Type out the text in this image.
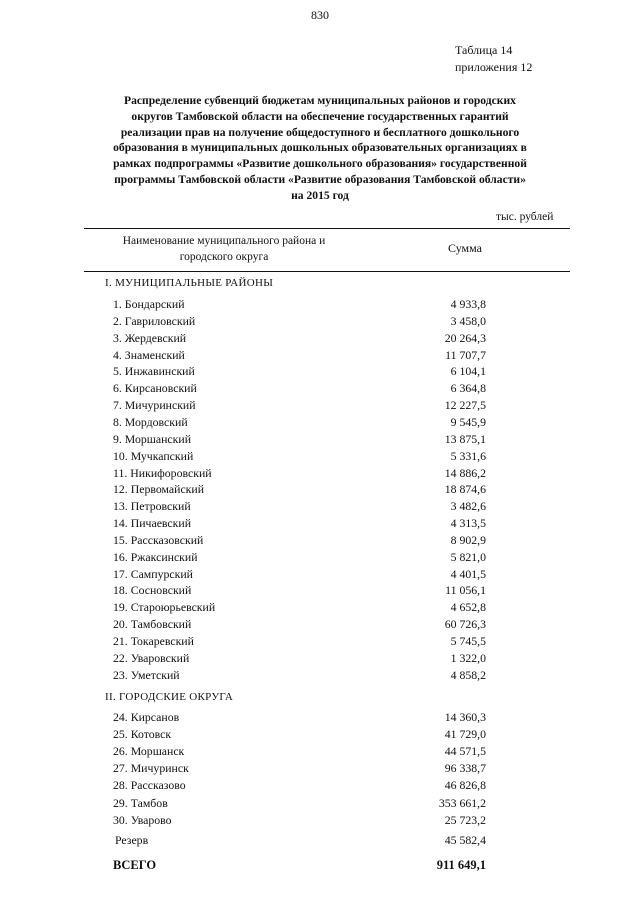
830
Таблица 14
приложения 12
Распределение субвенций бюджетам муниципальных районов и городских
округов Тамбовской области на обеспечение государственных гарантий
реализации прав на получение общедоступного и бесплатного дошкольного
образования в муниципальных дошкольных образовательных организациях в
рамках подпрограммы «Развитие дошкольного образования» государственной
программы Тамбовской области «Развитие образования Тамбовской области»
на 2015 год
тыс. рублей
Наименование муниципального района и
городского округа
Сумма
I. МУНИЦИПАЛЬНЫЕ РАЙОНЫ
1. Бондарский	4 933,8
2. Гавриловский	3 458,0
3. Жердевский	20 264,3
4. Знаменский	11 707,7
5. Инжавинский	6 104,1
6. Кирсановский	6 364,8
7. Мичуринский	12 227,5
8. Мордовский	9 545,9
9. Моршанский	13 875,1
10. Мучкапский	5 331,6
11. Никифоровский	14 886,2
12. Первомайский	18 874,6
13. Петровский	3 482,6
14. Пичаевский	4 313,5
15. Рассказовский	8 902,9
16. Ржаксинский	5 821,0
17. Сампурский	4 401,5
18. Сосновский	11 056,1
19. Староюрьевский	4 652,8
20. Тамбовский	60 726,3
21. Токаревский	5 745,5
22. Уваровский	1 322,0
23. Уметский	4 858,2
II. ГОРОДСКИЕ ОКРУГА
24. Кирсанов	14 360,3
25. Котовск	41 729,0
26. Моршанск	44 571,5
27. Мичуринск	96 338,7
28. Рассказово	46 826,8
29. Тамбов	353 661,2
30. Уварово	25 723,2
Резерв	45 582,4
ВСЕГО	911 649,1
